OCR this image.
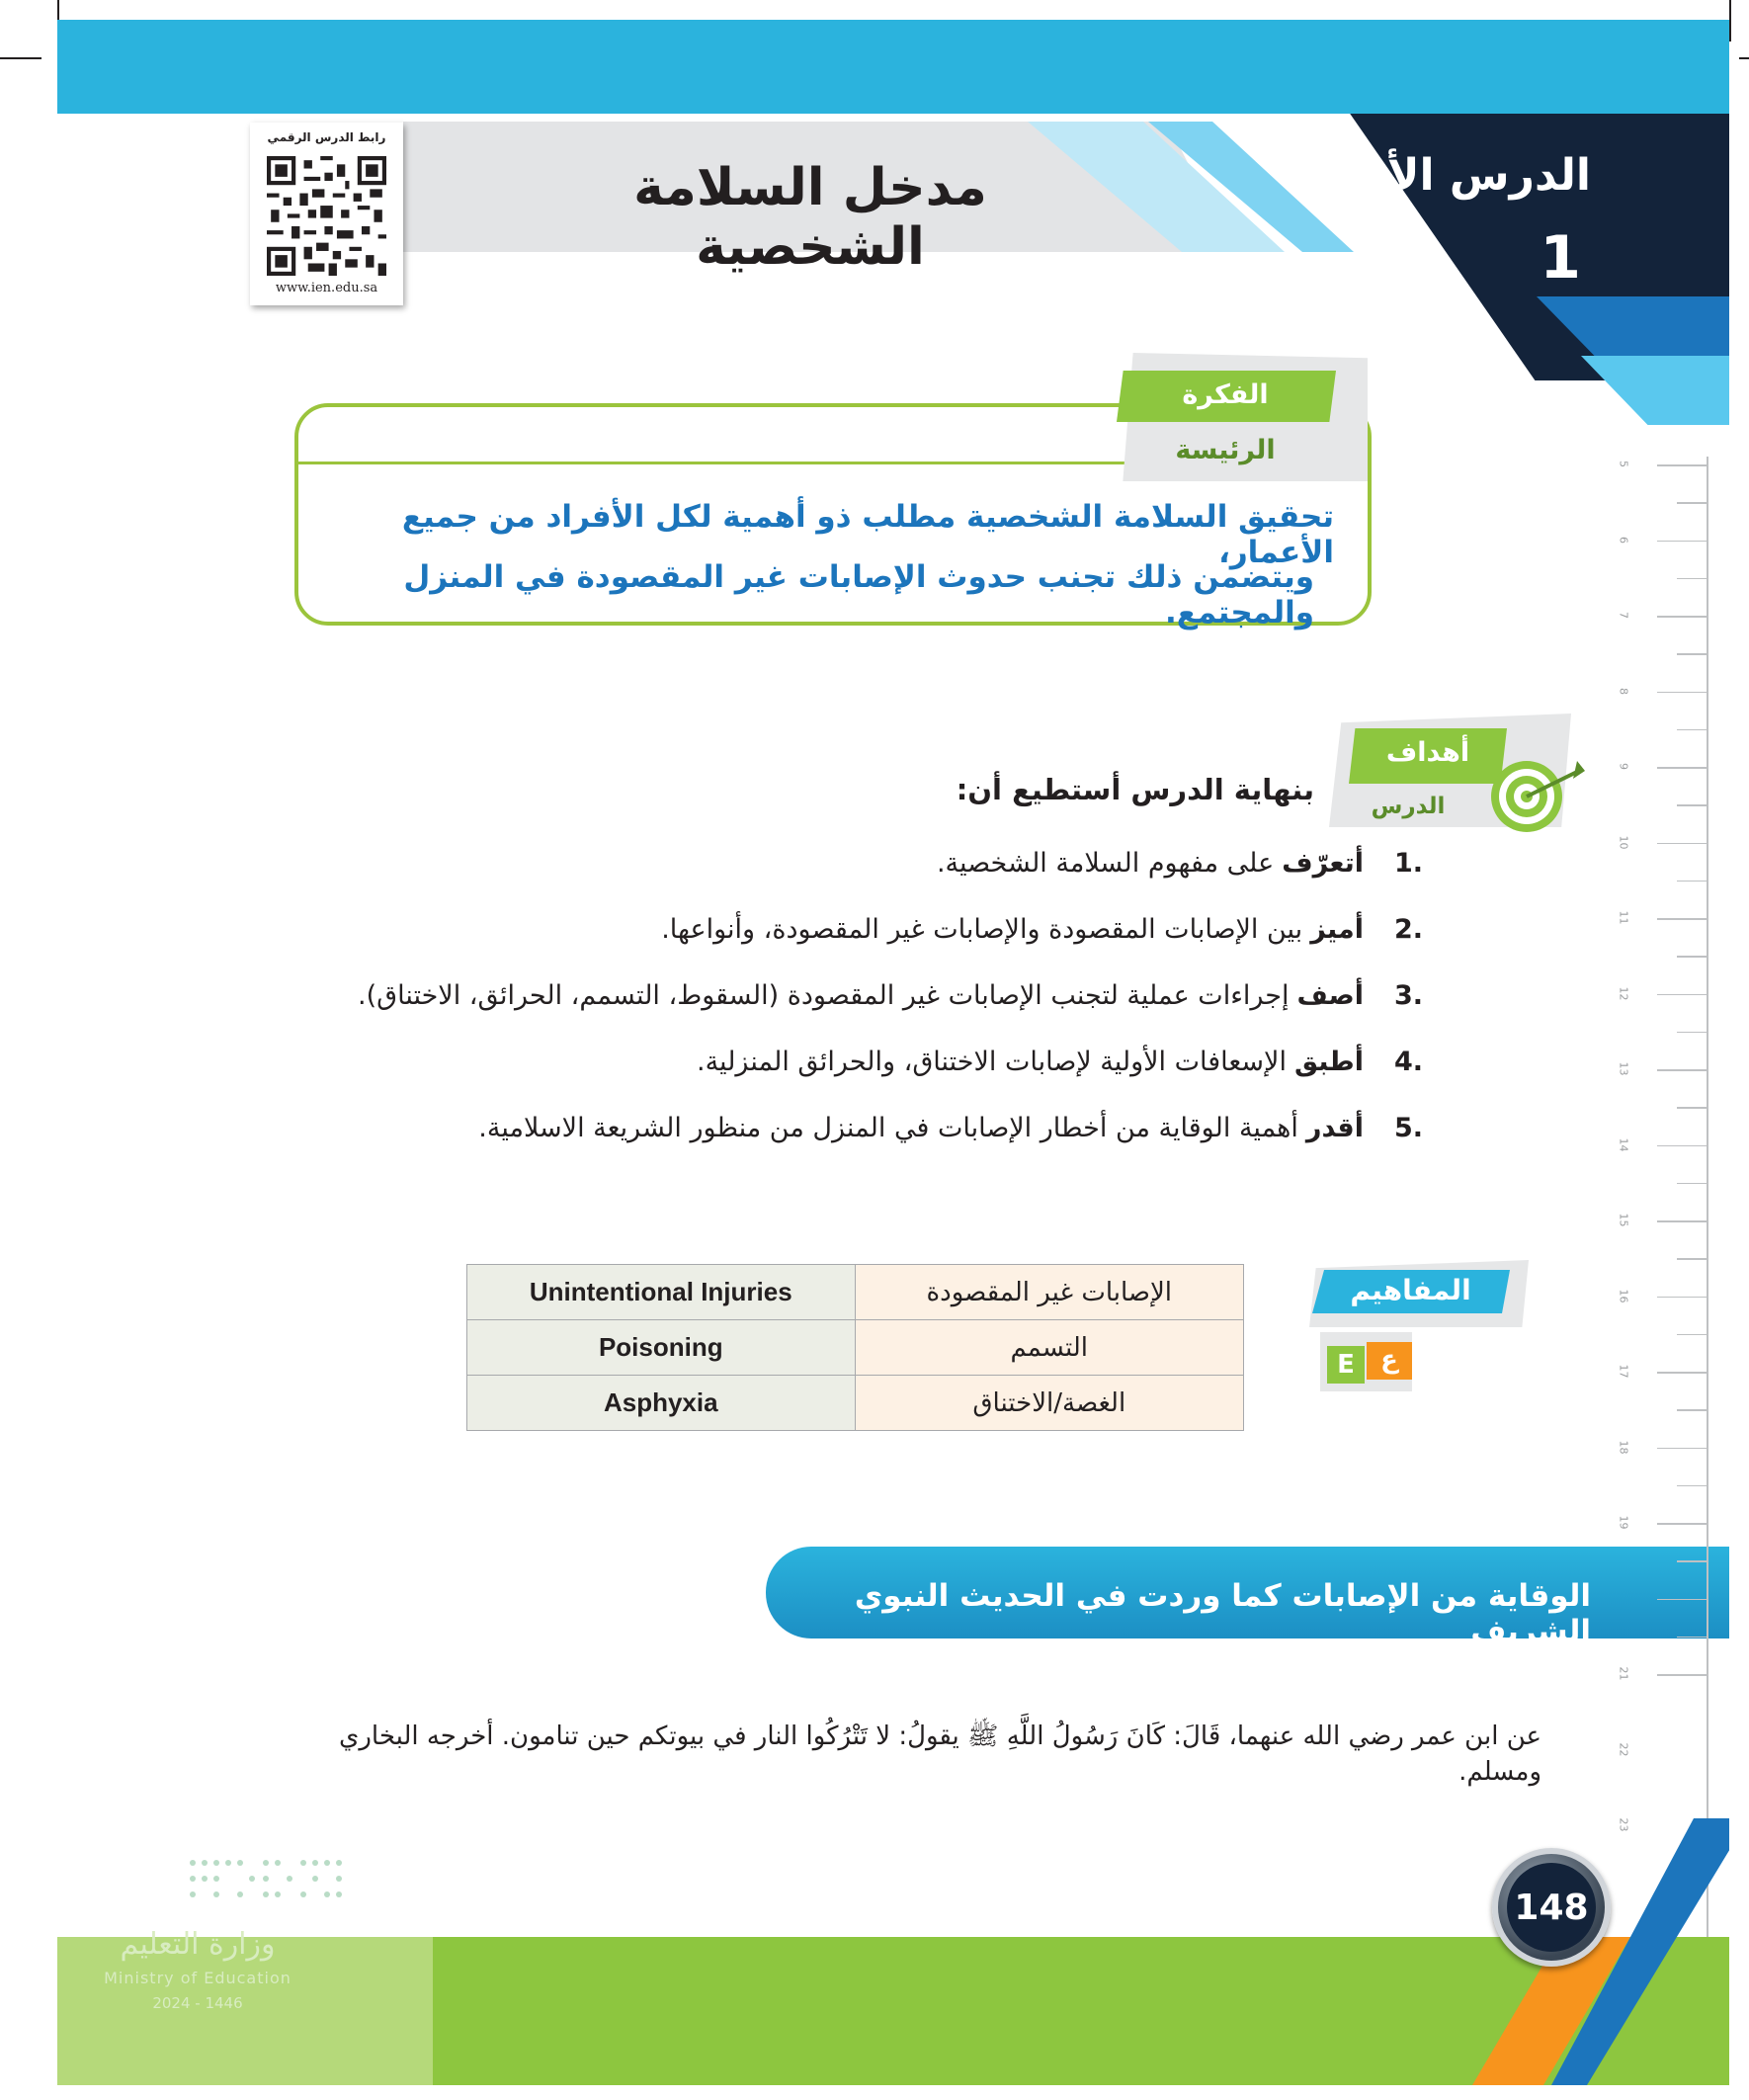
الدرس الأول
1
مدخل السلامة الشخصية
رابط الدرس الرقمي
www.ien.edu.sa
الفكرة
الرئيسة
تحقيق السلامة الشخصية مطلب ذو أهمية لكل الأفراد من جميع الأعمار،
ويتضمن ذلك تجنب حدوث الإصابات غير المقصودة في المنزل والمجتمع.
أهداف
الدرس
بنهاية الدرس أستطيع أن:
1.
أتعرّف
على مفهوم السلامة الشخصية.
2.
أميز
بين الإصابات المقصودة والإصابات غير المقصودة، وأنواعها.
3.
أصف
إجراءات عملية لتجنب الإصابات غير المقصودة (السقوط، التسمم، الحرائق، الاختناق).
4.
أطبق
الإسعافات الأولية لإصابات الاختناق، والحرائق المنزلية.
5.
أقدر
أهمية الوقاية من أخطار الإصابات في المنزل من منظور الشريعة الاسلامية.
المفاهيم
E	ع
Unintentional Injuries	الإصابات غير المقصودة
Poisoning	التسمم
Asphyxia	الغصة/الاختناق
الوقاية من الإصابات كما وردت في الحديث النبوي الشريف
عن ابن عمر رضي الله عنهما، قَالَ: كَانَ رَسُولُ اللَّهِ ﷺ يقولُ: لا تَتْرُكُوا النار في بيوتكم حين تنامون. أخرجه البخاري ومسلم.
5
6
7
8
9
10
11
12
13
14
15
16
17
18
19
21
22
23
148
وزارة التعليم
Ministry of Education
2024 - 1446
